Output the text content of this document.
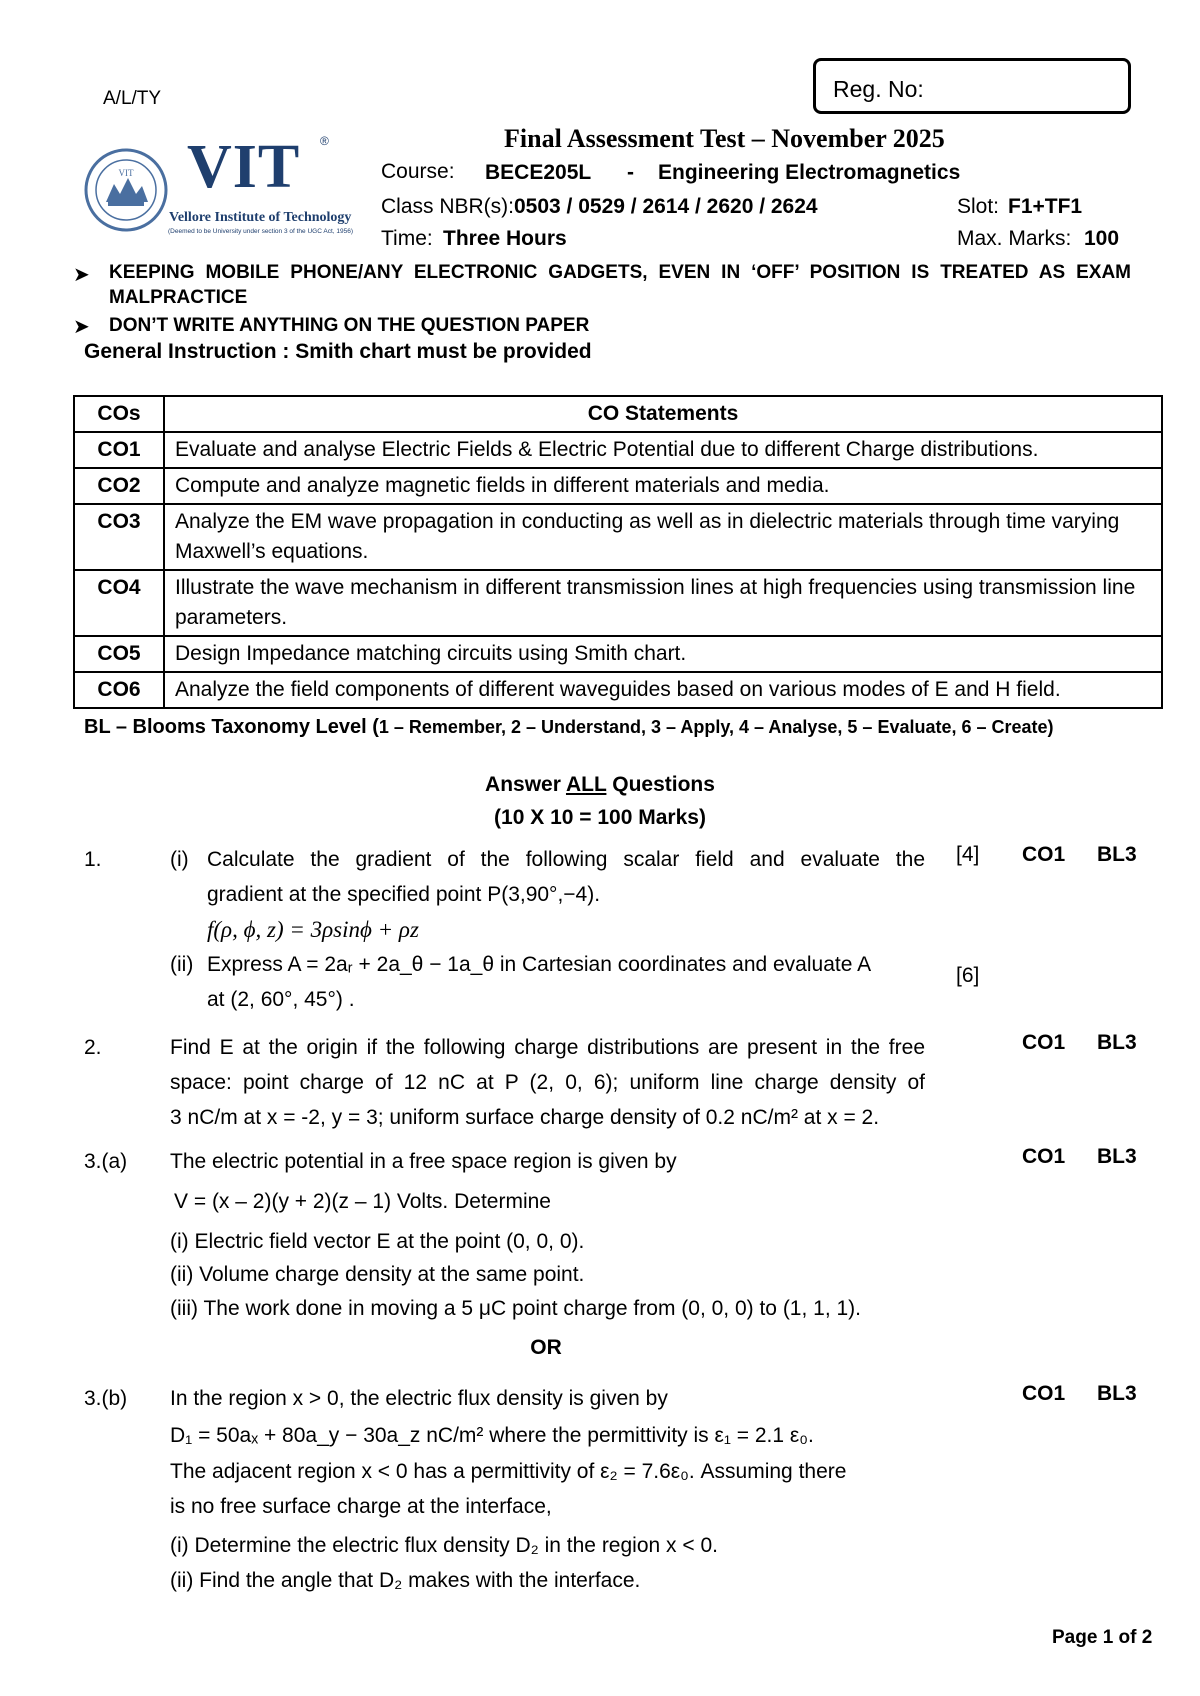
A/L/TY	Reg. No:
VIT VIT ®
Vellore Institute of Technology
(Deemed to be University under section 3 of the UGC Act, 1956)
Final Assessment Test – November 2025
Course: BECE205L - Engineering Electromagnetics
Class NBR(s): 0503 / 0529 / 2614 / 2620 / 2624	Slot: F1+TF1
Time: Three Hours	Max. Marks: 100
➤ KEEPING MOBILE PHONE/ANY ELECTRONIC GADGETS, EVEN IN ‘OFF’ POSITION IS TREATED AS EXAM
MALPRACTICE
➤ DON’T WRITE ANYTHING ON THE QUESTION PAPER
General Instruction : Smith chart must be provided
COs	CO Statements
CO1	Evaluate and analyse Electric Fields & Electric Potential due to different Charge distributions.
CO2	Compute and analyze magnetic fields in different materials and media.
CO3	Analyze the EM wave propagation in conducting as well as in dielectric materials through time varying Maxwell’s equations.
CO4	Illustrate the wave mechanism in different transmission lines at high frequencies using transmission line parameters.
CO5	Design Impedance matching circuits using Smith chart.
CO6	Analyze the field components of different waveguides based on various modes of E and H field.
BL – Blooms Taxonomy Level (1 – Remember, 2 – Understand, 3 – Apply, 4 – Analyse, 5 – Evaluate, 6 – Create)
Answer ALL Questions
(10 X 10 = 100 Marks)
1.	(i) Calculate the gradient of the following scalar field and evaluate the
gradient at the specified point P(3,90°,−4).
f(ρ, ϕ, z) = 3ρsinϕ + ρz
(ii) Express A = 2aᵣ + 2a_θ − 1a_θ in Cartesian coordinates and evaluate A
at (2, 60°, 45°) .
[4]
[6]
CO1 BL3
2.	Find E at the origin if the following charge distributions are present in the free
space: point charge of 12 nC at P (2, 0, 6); uniform line charge density of
3 nC/m at x = -2, y = 3; uniform surface charge density of 0.2 nC/m² at x = 2.
CO1 BL3
3.(a) The electric potential in a free space region is given by
V = (x – 2)(y + 2)(z – 1) Volts. Determine
(i) Electric field vector E at the point (0, 0, 0).
(ii) Volume charge density at the same point.
(iii) The work done in moving a 5 μC point charge from (0, 0, 0) to (1, 1, 1).
CO1 BL3
OR
3.(b) In the region x > 0, the electric flux density is given by
D₁ = 50aₓ + 80a_y − 30a_z nC/m² where the permittivity is ε₁ = 2.1 ε₀.
The adjacent region x < 0 has a permittivity of ε₂ = 7.6ε₀. Assuming there
is no free surface charge at the interface,
(i) Determine the electric flux density D₂ in the region x < 0.
(ii) Find the angle that D₂ makes with the interface.
CO1 BL3
Page 1 of 2
